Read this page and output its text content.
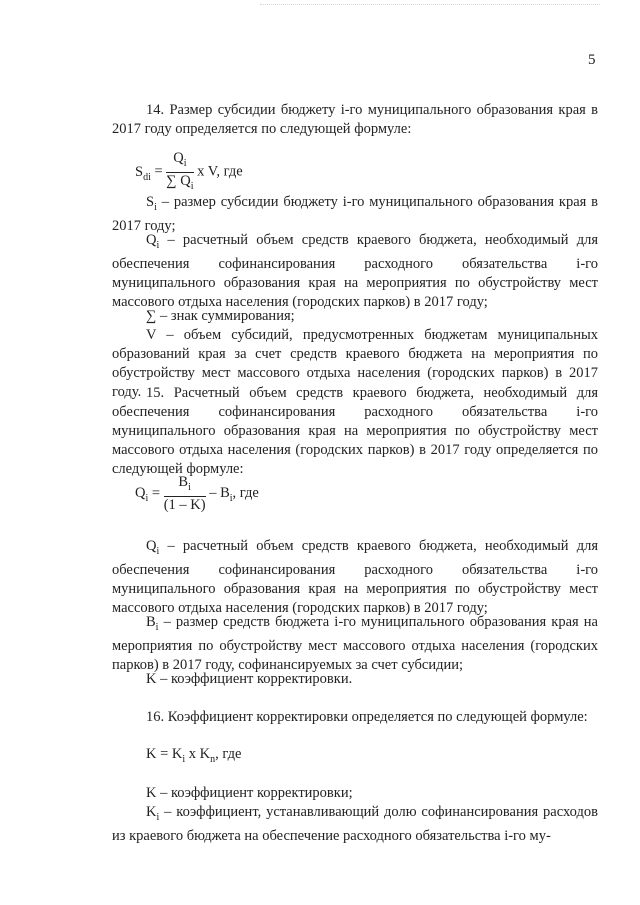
5

14. Размер субсидии бюджету i-го муниципального образования края в 2017 году определяется по следующей формуле:

$S_{di} = \frac{Q_i}{\sum Q_i}$ x V, где

$S_i$ – размер субсидии бюджету i-го муниципального образования края в 2017 году;

$Q_i$ – расчетный объем средств краевого бюджета, необходимый для обеспечения софинансирования расходного обязательства i-го муниципального образования края на мероприятия по обустройству мест массового отдыха населения (городских парков) в 2017 году;

∑ – знак суммирования;

V – объем субсидий, предусмотренных бюджетам муниципальных образований края за счет средств краевого бюджета на мероприятия по обустройству мест массового отдыха населения (городских парков) в 2017 году. 15. Расчетный объем средств краевого бюджета, необходимый для обеспечения софинансирования расходного обязательства i-го муниципального образования края на мероприятия по обустройству мест массового отдыха населения (городских парков) в 2017 году определяется по следующей формуле:

$Q_i = \frac{B_i}{(1 - K)} - B_i$, где

$Q_i$ – расчетный объем средств краевого бюджета, необходимый для обеспечения софинансирования расходного обязательства i-го муниципального образования края на мероприятия по обустройству мест массового отдыха населения (городских парков) в 2017 году;

$B_i$ – размер средств бюджета i-го муниципального образования края на мероприятия по обустройству мест массового отдыха населения (городских парков) в 2017 году, софинансируемых за счет субсидии;

K – коэффициент корректировки.

16. Коэффициент корректировки определяется по следующей формуле:

$K = K_i$ x $K_n$, где

K – коэффициент корректировки;

$K_i$ – коэффициент, устанавливающий долю софинансирования расходов из краевого бюджета на обеспечение расходного обязательства i-го му-
